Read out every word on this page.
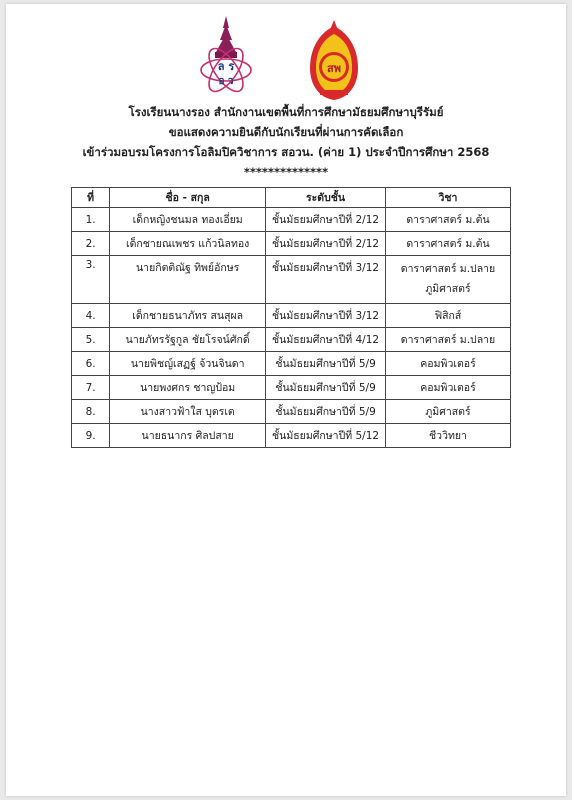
ล ร
อ ว
สพ
โรงเรียนนางรอง สำนักงานเขตพื้นที่การศึกษามัธยมศึกษาบุรีรัมย์
ขอแสดงความยินดีกับนักเรียนที่ผ่านการคัดเลือก
เข้าร่วมอบรมโครงการโอลิมปิควิชาการ สอวน. (ค่าย 1) ประจำปีการศึกษา 2568
**************
ที่	ชื่อ - สกุล	ระดับชั้น	วิชา
1.	เด็กหญิงชนมล ทองเอี่ยม	ชั้นมัธยมศึกษาปีที่ 2/12	ดาราศาสตร์ ม.ต้น
2.	เด็กชายณเพชร แก้วนิลทอง	ชั้นมัธยมศึกษาปีที่ 2/12	ดาราศาสตร์ ม.ต้น
3.	นายกิตติณัฐ ทิพย์อักษร	ชั้นมัธยมศึกษาปีที่ 3/12	ดาราศาสตร์ ม.ปลาย
ภูมิศาสตร์

4.	เด็กชายธนาภัทร สนสุผล	ชั้นมัธยมศึกษาปีที่ 3/12	ฟิสิกส์
5.	นายภัทรรัฐกูล ชัยโรจน์ศักดิ์	ชั้นมัธยมศึกษาปีที่ 4/12	ดาราศาสตร์ ม.ปลาย
6.	นายพิชญ์เสฏฐ์ จ้วนจินดา	ชั้นมัธยมศึกษาปีที่ 5/9	คอมพิวเตอร์
7.	นายพงศกร ชาญป้อม	ชั้นมัธยมศึกษาปีที่ 5/9	คอมพิวเตอร์
8.	นางสาวฟ้าใส บุตรเต	ชั้นมัธยมศึกษาปีที่ 5/9	ภูมิศาสตร์
9.	นายธนากร ศิลปสาย	ชั้นมัธยมศึกษาปีที่ 5/12	ชีววิทยา
